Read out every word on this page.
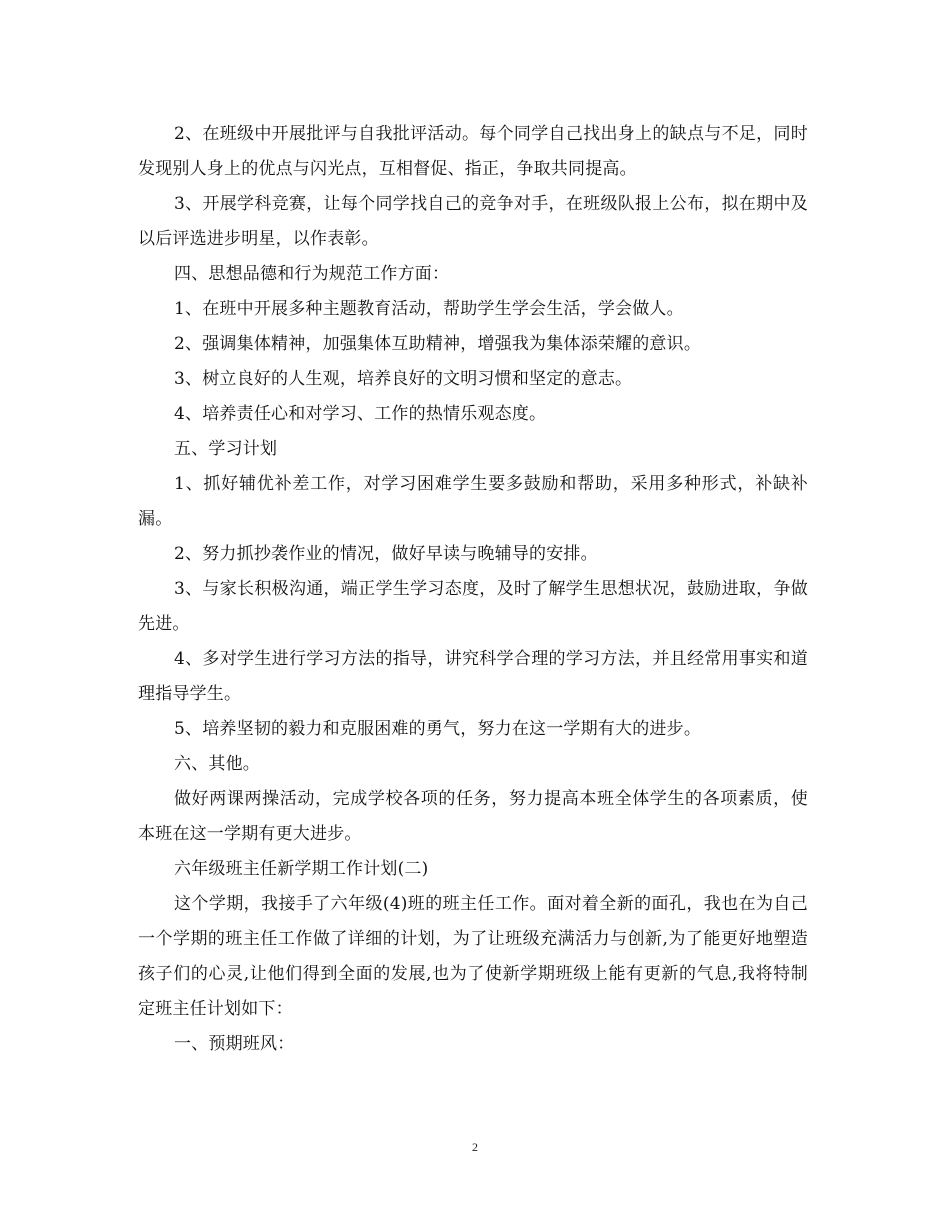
2、在班级中开展批评与自我批评活动。每个同学自己找出身上的缺点与不足，同时发现别人身上的优点与闪光点，互相督促、指正，争取共同提高。

3、开展学科竞赛，让每个同学找自己的竞争对手，在班级队报上公布，拟在期中及以后评选进步明星，以作表彰。

四、思想品德和行为规范工作方面：

1、在班中开展多种主题教育活动，帮助学生学会生活，学会做人。

2、强调集体精神，加强集体互助精神，增强我为集体添荣耀的意识。

3、树立良好的人生观，培养良好的文明习惯和坚定的意志。

4、培养责任心和对学习、工作的热情乐观态度。

五、学习计划

1、抓好辅优补差工作，对学习困难学生要多鼓励和帮助，采用多种形式，补缺补漏。

2、努力抓抄袭作业的情况，做好早读与晚辅导的安排。

3、与家长积极沟通，端正学生学习态度，及时了解学生思想状况，鼓励进取，争做先进。

4、多对学生进行学习方法的指导，讲究科学合理的学习方法，并且经常用事实和道理指导学生。

5、培养坚韧的毅力和克服困难的勇气，努力在这一学期有大的进步。

六、其他。

做好两课两操活动，完成学校各项的任务，努力提高本班全体学生的各项素质，使本班在这一学期有更大进步。

六年级班主任新学期工作计划(二)

这个学期，我接手了六年级(4)班的班主任工作。面对着全新的面孔，我也在为自己一个学期的班主任工作做了详细的计划，为了让班级充满活力与创新,为了能更好地塑造孩子们的心灵,让他们得到全面的发展,也为了使新学期班级上能有更新的气息,我将特制定班主任计划如下：

一、预期班风：

2
